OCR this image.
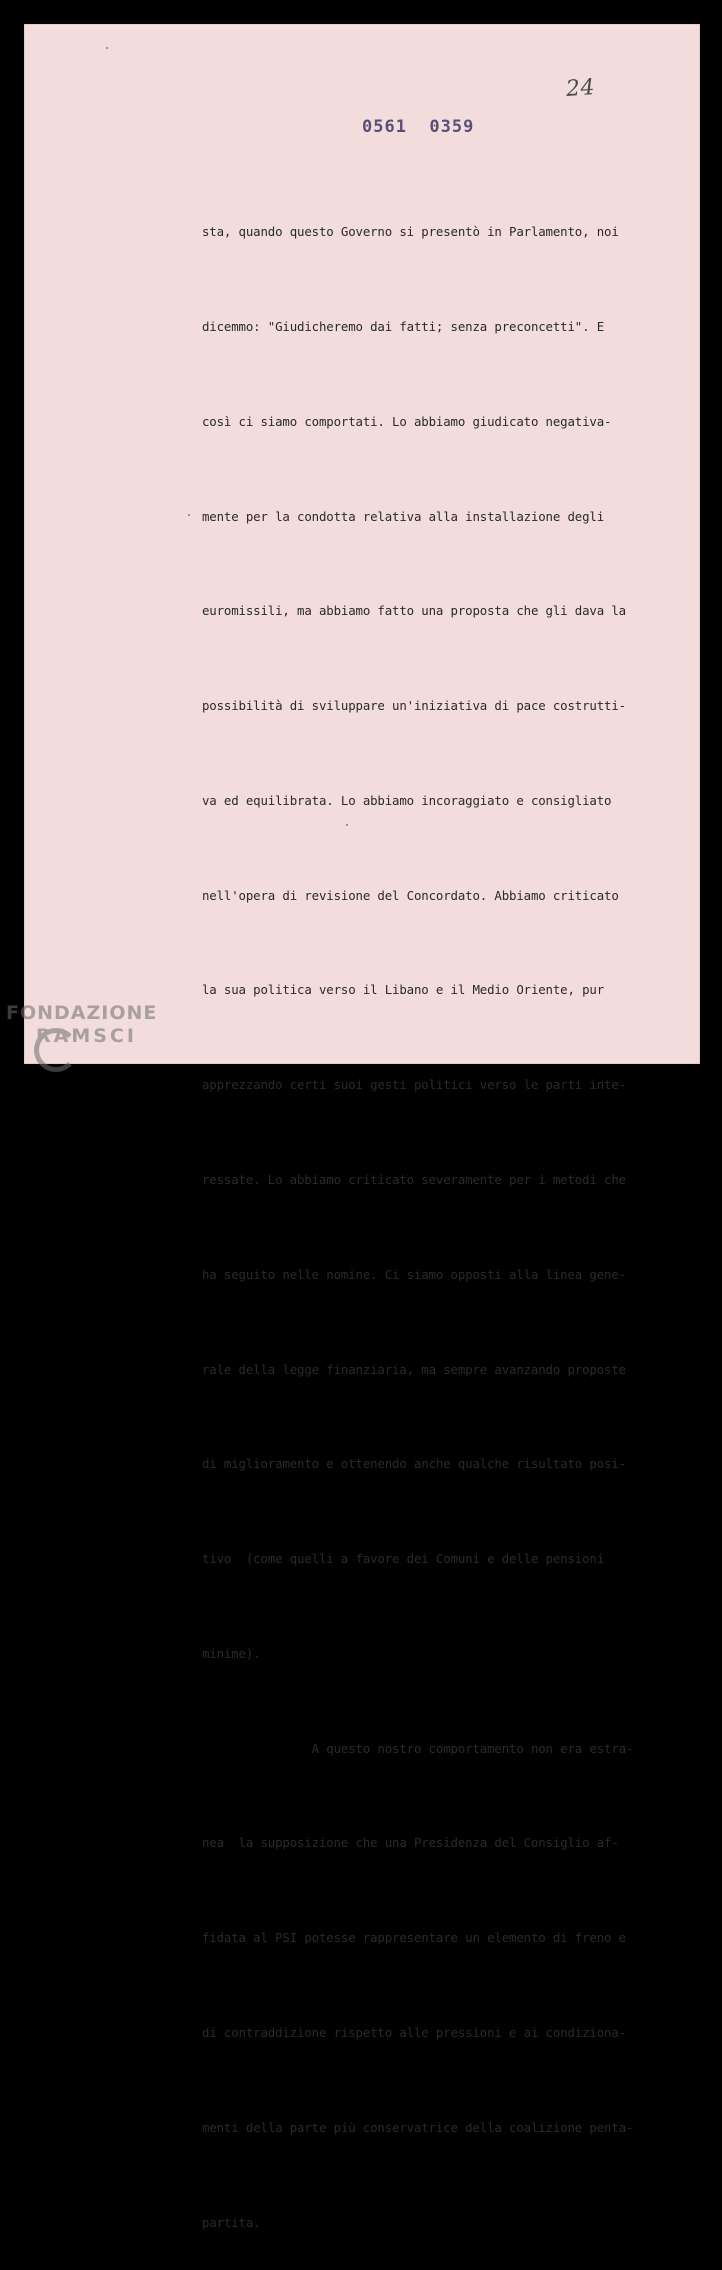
24
0561  0359

sta, quando questo Governo si presentò in Parlamento, noi

dicemmo: "Giudicheremo dai fatti; senza preconcetti". E

così ci siamo comportati. Lo abbiamo giudicato negativa-

mente per la condotta relativa alla installazione degli

euromissili, ma abbiamo fatto una proposta che gli dava la

possibilità di sviluppare un'iniziativa di pace costrutti-

va ed equilibrata. Lo abbiamo incoraggiato e consigliato

nell'opera di revisione del Concordato. Abbiamo criticato

la sua politica verso il Libano e il Medio Oriente, pur

apprezzando certi suoi gesti politici verso le parti inte-

ressate. Lo abbiamo criticato severamente per i metodi che

ha seguito nelle nomine. Ci siamo opposti alla linea gene-

rale della legge finanziaria, ma sempre avanzando proposte

di miglioramento e ottenendo anche qualche risultato posi-

tivo  (come quelli a favore dei Comuni e delle pensioni

minime).

A questo nostro comportamento non era estra-

nea  la supposizione che una Presidenza del Consiglio af-

fidata al PSI potesse rappresentare un elemento di freno e

di contraddizione rispetto alle pressioni e ai condiziona-

menti della parte più conservatrice della coalizione penta-

partita.

FONDAZIONE
RAMSCI
